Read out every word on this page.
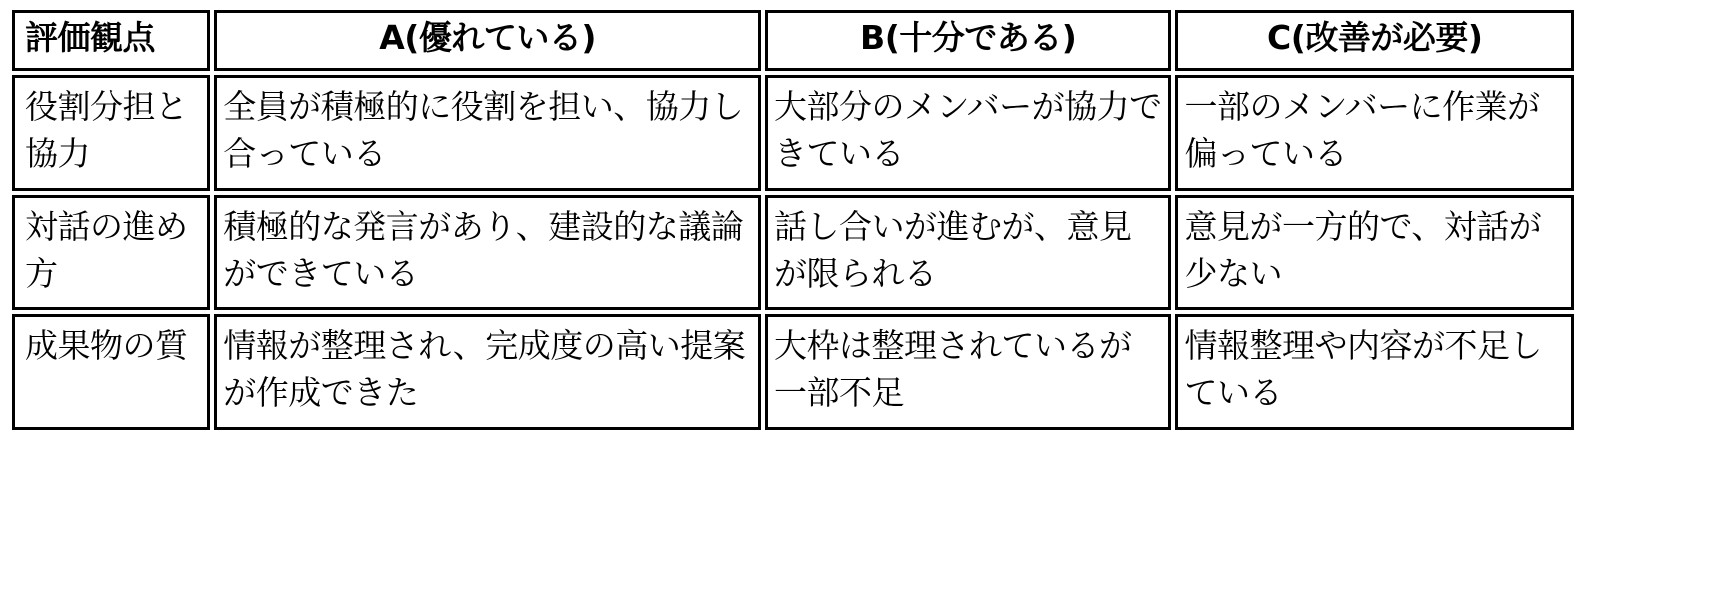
評価観点	A(優れている)	B(十分である)	C(改善が必要)

役割分担と協力	全員が積極的に役割を担い、協力し合っている	大部分のメンバーが協力できている	一部のメンバーに作業が偏っている

対話の進め方	積極的な発言があり、建設的な議論ができている	話し合いが進むが、意見が限られる	意見が一方的で、対話が少ない

成果物の質	情報が整理され、完成度の高い提案が作成できた	大枠は整理されているが一部不足	情報整理や内容が不足している
